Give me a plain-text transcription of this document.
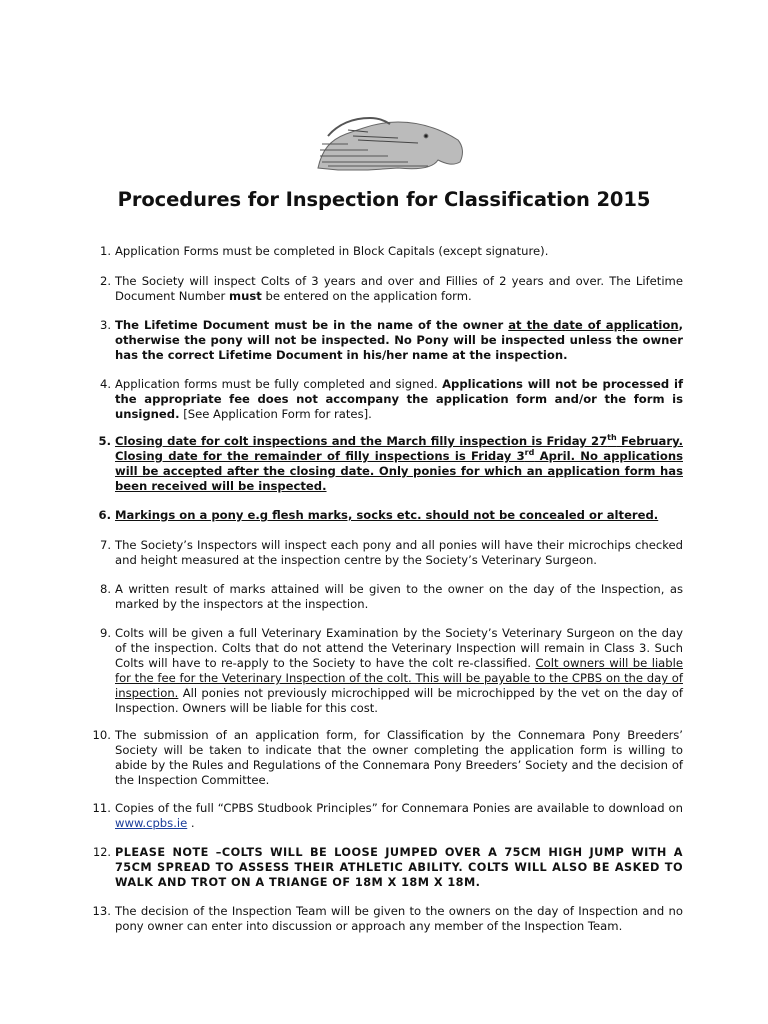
Procedures for Inspection for Classification 2015
1. Application Forms must be completed in Block Capitals (except signature).

2. The Society will inspect Colts of 3 years and over and Fillies of 2 years and over. The Lifetime Document Number must be entered on the application form.

3. The Lifetime Document must be in the name of the owner at the date of application, otherwise the pony will not be inspected. No Pony will be inspected unless the owner has the correct Lifetime Document in his/her name at the inspection.

4. Application forms must be fully completed and signed. Applications will not be processed if the appropriate fee does not accompany the application form and/or the form is unsigned. [See Application Form for rates].

5. Closing date for colt inspections and the March filly inspection is Friday 27th February. Closing date for the remainder of filly inspections is Friday 3rd April. No applications will be accepted after the closing date. Only ponies for which an application form has been received will be inspected.

6. Markings on a pony e.g flesh marks, socks etc. should not be concealed or altered.

7. The Society’s Inspectors will inspect each pony and all ponies will have their microchips checked and height measured at the inspection centre by the Society’s Veterinary Surgeon.

8. A written result of marks attained will be given to the owner on the day of the Inspection, as marked by the inspectors at the inspection.

9. Colts will be given a full Veterinary Examination by the Society’s Veterinary Surgeon on the day of the inspection. Colts that do not attend the Veterinary Inspection will remain in Class 3. Such Colts will have to re-apply to the Society to have the colt re-classified. Colt owners will be liable for the fee for the Veterinary Inspection of the colt. This will be payable to the CPBS on the day of inspection. All ponies not previously microchipped will be microchipped by the vet on the day of Inspection. Owners will be liable for this cost.

10. The submission of an application form, for Classification by the Connemara Pony Breeders’ Society will be taken to indicate that the owner completing the application form is willing to abide by the Rules and Regulations of the Connemara Pony Breeders’ Society and the decision of the Inspection Committee.

11. Copies of the full “CPBS Studbook Principles” for Connemara Ponies are available to download on www.cpbs.ie .

12. PLEASE NOTE –COLTS WILL BE LOOSE JUMPED OVER A 75CM HIGH JUMP WITH A 75CM SPREAD TO ASSESS THEIR ATHLETIC ABILITY. COLTS WILL ALSO BE ASKED TO WALK AND TROT ON A TRIANGE OF 18M X 18M X 18M.

13. The decision of the Inspection Team will be given to the owners on the day of Inspection and no pony owner can enter into discussion or approach any member of the Inspection Team.
